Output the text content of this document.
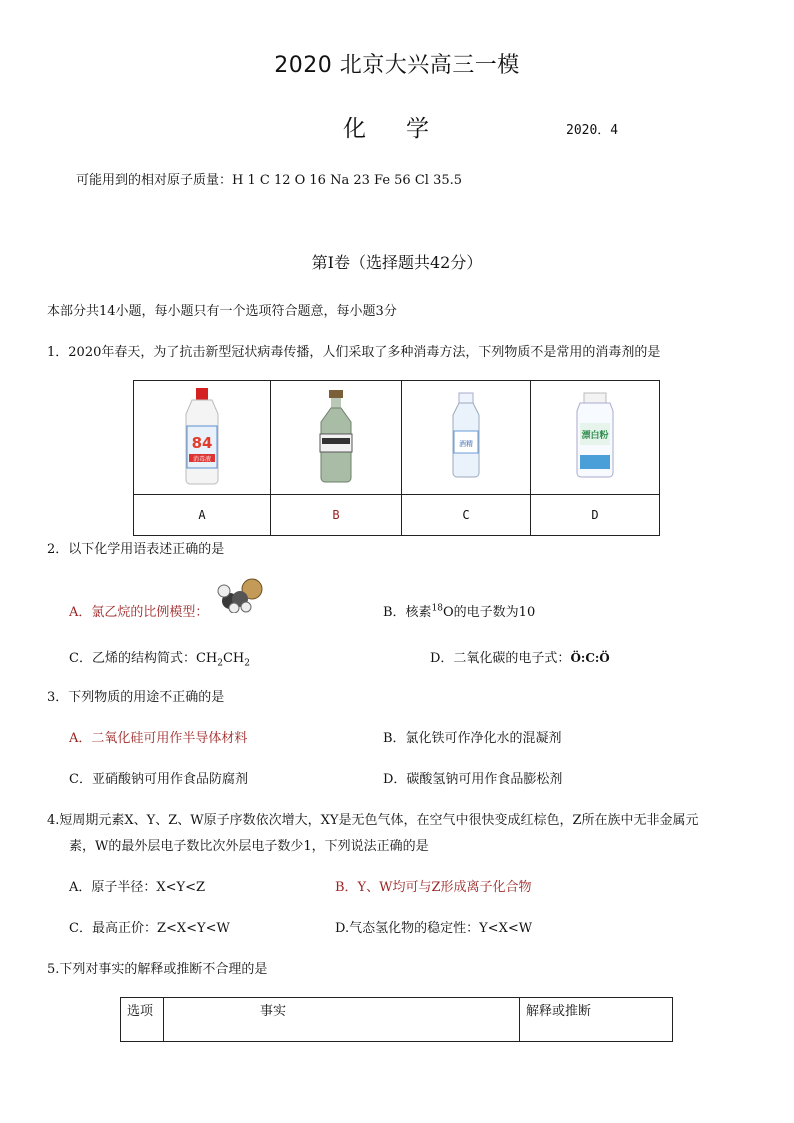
2020 北京大兴高三一模
化学	2020．4
可能用到的相对原子质量：H 1 C 12 O 16 Na 23 Fe 56 Cl 35.5
第Ⅰ卷（选择题共42分）
本部分共14小题，每小题只有一个选项符合题意，每小题3分
1．2020年春天，为了抗击新型冠状病毒传播，人们采取了多种消毒方法，下列物质不是常用的消毒剂的是
84
消毒液		酒精	漂白粉

A	B	C	D
2．以下化学用语表述正确的是
A．氯乙烷的比例模型：	B．核素$^{18}$O的电子数为10
C．乙烯的结构简式：$CH_2CH_2$	D．二氧化碳的电子式：Ö:C:Ö
3．下列物质的用途不正确的是
A．二氧化硅可用作半导体材料	B．氯化铁可作净化水的混凝剂
C．亚硝酸钠可用作食品防腐剂	D．碳酸氢钠可用作食品膨松剂
4.短周期元素X、Y、Z、W原子序数依次增大，XY是无色气体，在空气中很快变成红棕色，Z所在族中无非金属元
素，W的最外层电子数比次外层电子数少1，下列说法正确的是
A．原子半径：X<Y<Z	B．Y、W均可与Z形成离子化合物
C．最高正价：Z<X<Y<W	D.气态氢化物的稳定性：Y<X<W
5.下列对事实的解释或推断不合理的是
选项	事实	解释或推断
